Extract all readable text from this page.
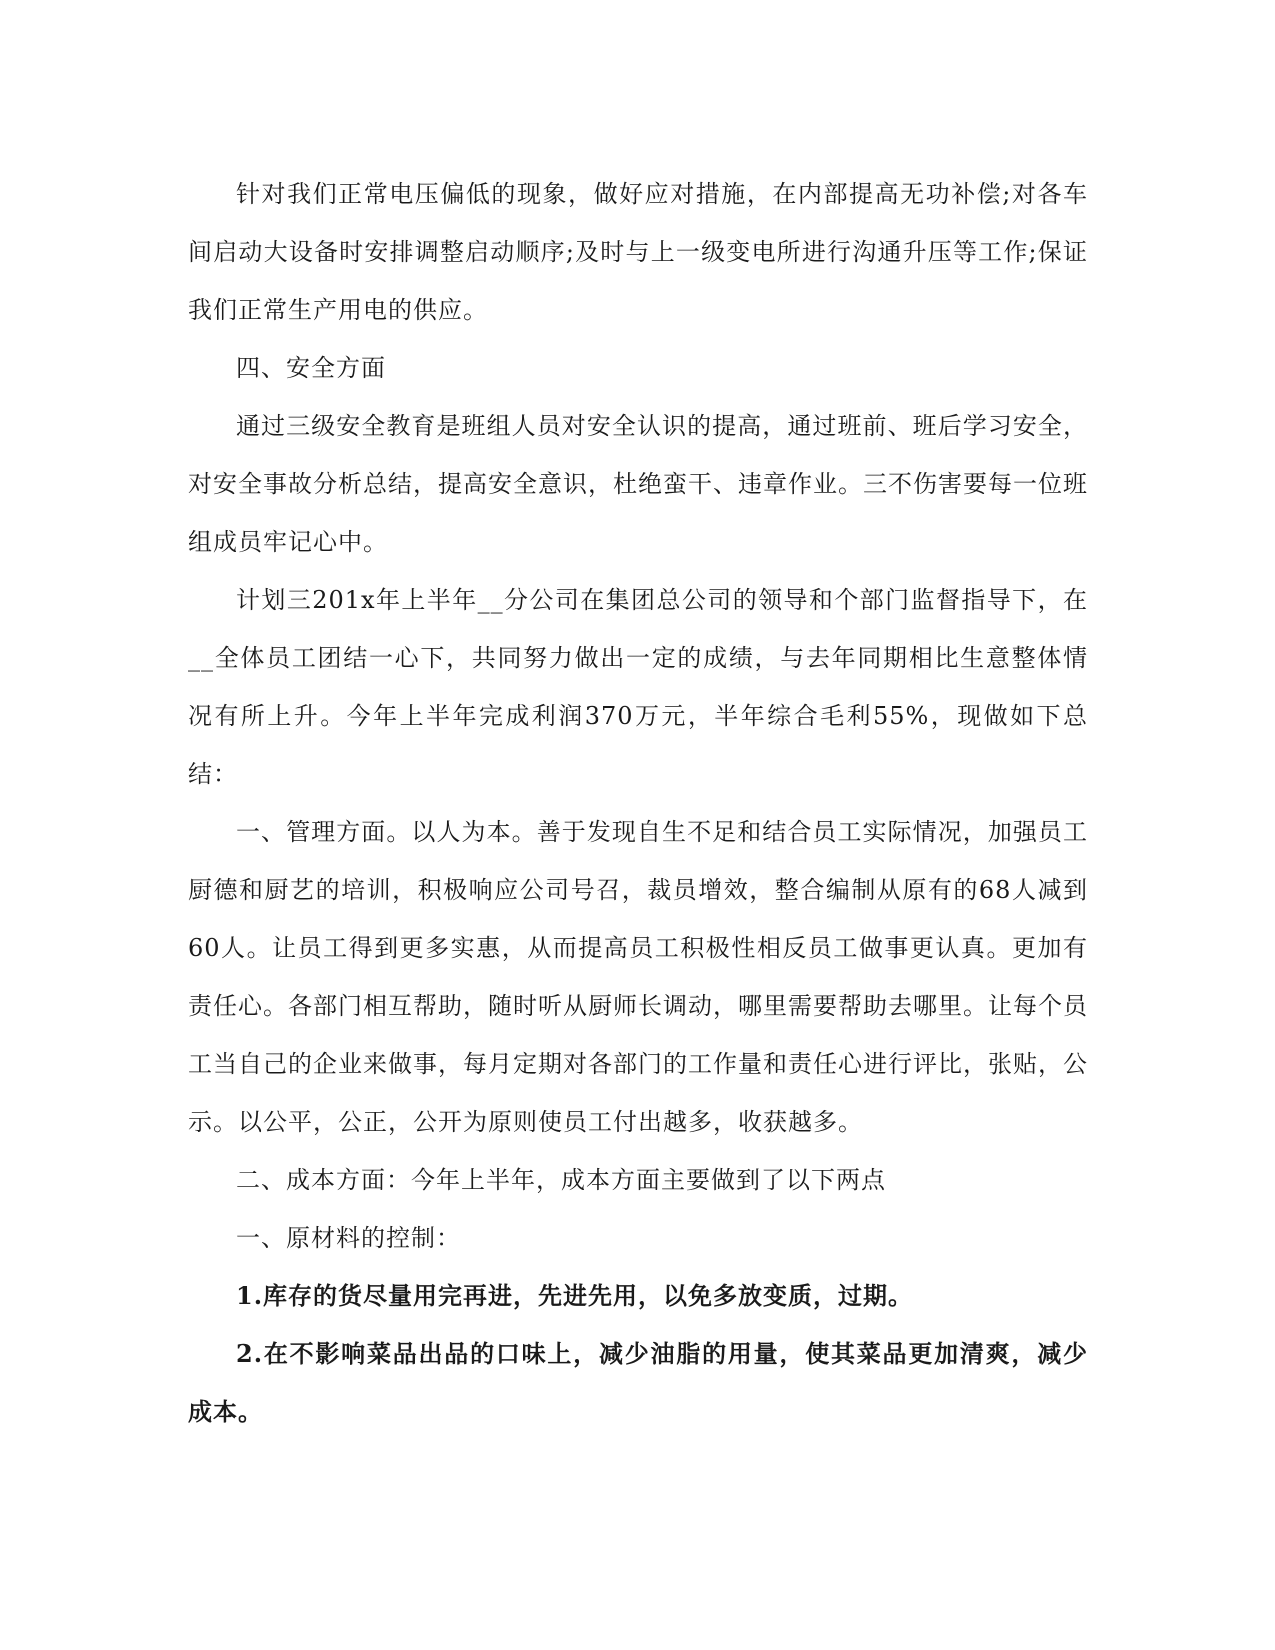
针对我们正常电压偏低的现象，做好应对措施，在内部提高无功补偿;对各车间启动大设备时安排调整启动顺序;及时与上一级变电所进行沟通升压等工作;保证我们正常生产用电的供应。

四、安全方面

通过三级安全教育是班组人员对安全认识的提高，通过班前、班后学习安全，对安全事故分析总结，提高安全意识，杜绝蛮干、违章作业。三不伤害要每一位班组成员牢记心中。

计划三201x年上半年__分公司在集团总公司的领导和个部门监督指导下，在__全体员工团结一心下，共同努力做出一定的成绩，与去年同期相比生意整体情况有所上升。今年上半年完成利润370万元，半年综合毛利55%，现做如下总结：

一、管理方面。以人为本。善于发现自生不足和结合员工实际情况，加强员工厨德和厨艺的培训，积极响应公司号召，裁员增效，整合编制从原有的68人减到60人。让员工得到更多实惠，从而提高员工积极性相反员工做事更认真。更加有责任心。各部门相互帮助，随时听从厨师长调动，哪里需要帮助去哪里。让每个员工当自己的企业来做事，每月定期对各部门的工作量和责任心进行评比，张贴，公示。以公平，公正，公开为原则使员工付出越多，收获越多。

二、成本方面：今年上半年，成本方面主要做到了以下两点

一、原材料的控制：

1.库存的货尽量用完再进，先进先用，以免多放变质，过期。

2.在不影响菜品出品的口味上，减少油脂的用量，使其菜品更加清爽，减少成本。
